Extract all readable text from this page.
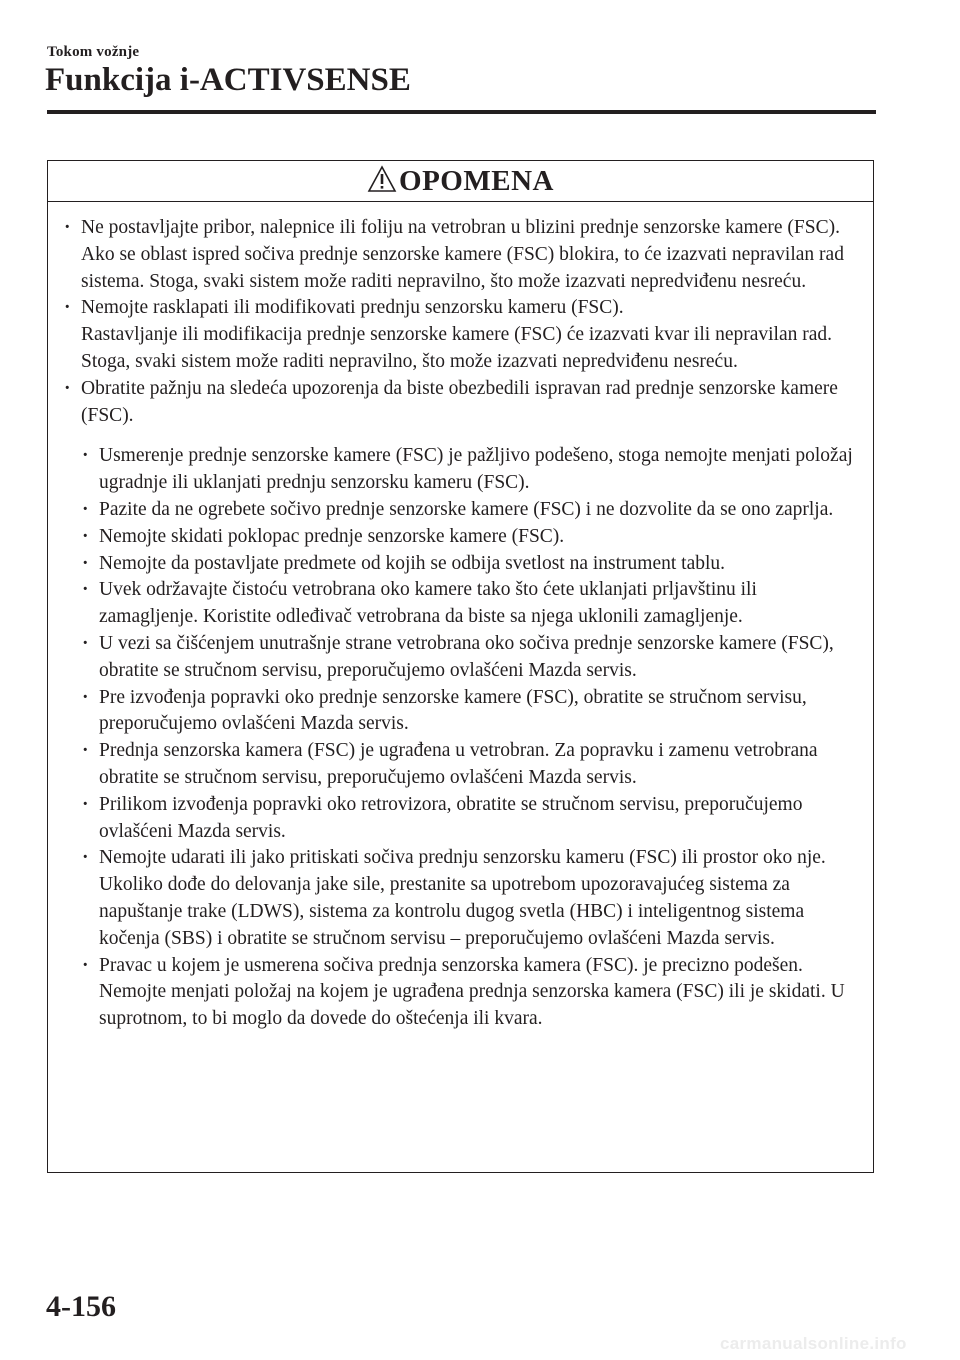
Tokom vožnje
Funkcija i-ACTIVSENSE
OPOMENA

· Ne postavljajte pribor, nalepnice ili foliju na vetrobran u blizini prednje senzorske kamere (FSC).

Ako se oblast ispred sočiva prednje senzorske kamere (FSC) blokira, to će izazvati nepravilan rad sistema. Stoga, svaki sistem može raditi nepravilno, što može izazvati nepredviđenu nesreću.

· Nemojte rasklapati ili modifikovati prednju senzorsku kameru (FSC).

Rastavljanje ili modifikacija prednje senzorske kamere (FSC) će izazvati kvar ili nepravilan rad. Stoga, svaki sistem može raditi nepravilno, što može izazvati nepredviđenu nesreću.

· Obratite pažnju na sledeća upozorenja da biste obezbedili ispravan rad prednje senzorske kamere (FSC).

· Usmerenje prednje senzorske kamere (FSC) je pažljivo podešeno, stoga nemojte menjati položaj ugradnje ili uklanjati prednju senzorsku kameru (FSC).
· Pazite da ne ogrebete sočivo prednje senzorske kamere (FSC) i ne dozvolite da se ono zaprlja.
· Nemojte skidati poklopac prednje senzorske kamere (FSC).
· Nemojte da postavljate predmete od kojih se odbija svetlost na instrument tablu.
· Uvek održavajte čistoću vetrobrana oko kamere tako što ćete uklanjati prljavštinu ili zamagljenje. Koristite odleđivač vetrobrana da biste sa njega uklonili zamagljenje.
· U vezi sa čišćenjem unutrašnje strane vetrobrana oko sočiva prednje senzorske kamere (FSC), obratite se stručnom servisu, preporučujemo ovlašćeni Mazda servis.
· Pre izvođenja popravki oko prednje senzorske kamere (FSC), obratite se stručnom servisu, preporučujemo ovlašćeni Mazda servis.
· Prednja senzorska kamera (FSC) je ugrađena u vetrobran. Za popravku i zamenu vetrobrana obratite se stručnom servisu, preporučujemo ovlašćeni Mazda servis.
· Prilikom izvođenja popravki oko retrovizora, obratite se stručnom servisu, preporučujemo ovlašćeni Mazda servis.
· Nemojte udarati ili jako pritiskati sočiva prednju senzorsku kameru (FSC) ili prostor oko nje. Ukoliko dođe do delovanja jake sile, prestanite sa upotrebom upozoravajućeg sistema za napuštanje trake (LDWS), sistema za kontrolu dugog svetla (HBC) i inteligentnog sistema kočenja (SBS) i obratite se stručnom servisu – preporučujemo ovlašćeni Mazda servis.
· Pravac u kojem je usmerena sočiva prednja senzorska kamera (FSC). je precizno podešen. Nemojte menjati položaj na kojem je ugrađena prednja senzorska kamera (FSC) ili je skidati. U suprotnom, to bi moglo da dovede do oštećenja ili kvara.
4-156
carmanualsonline.info
